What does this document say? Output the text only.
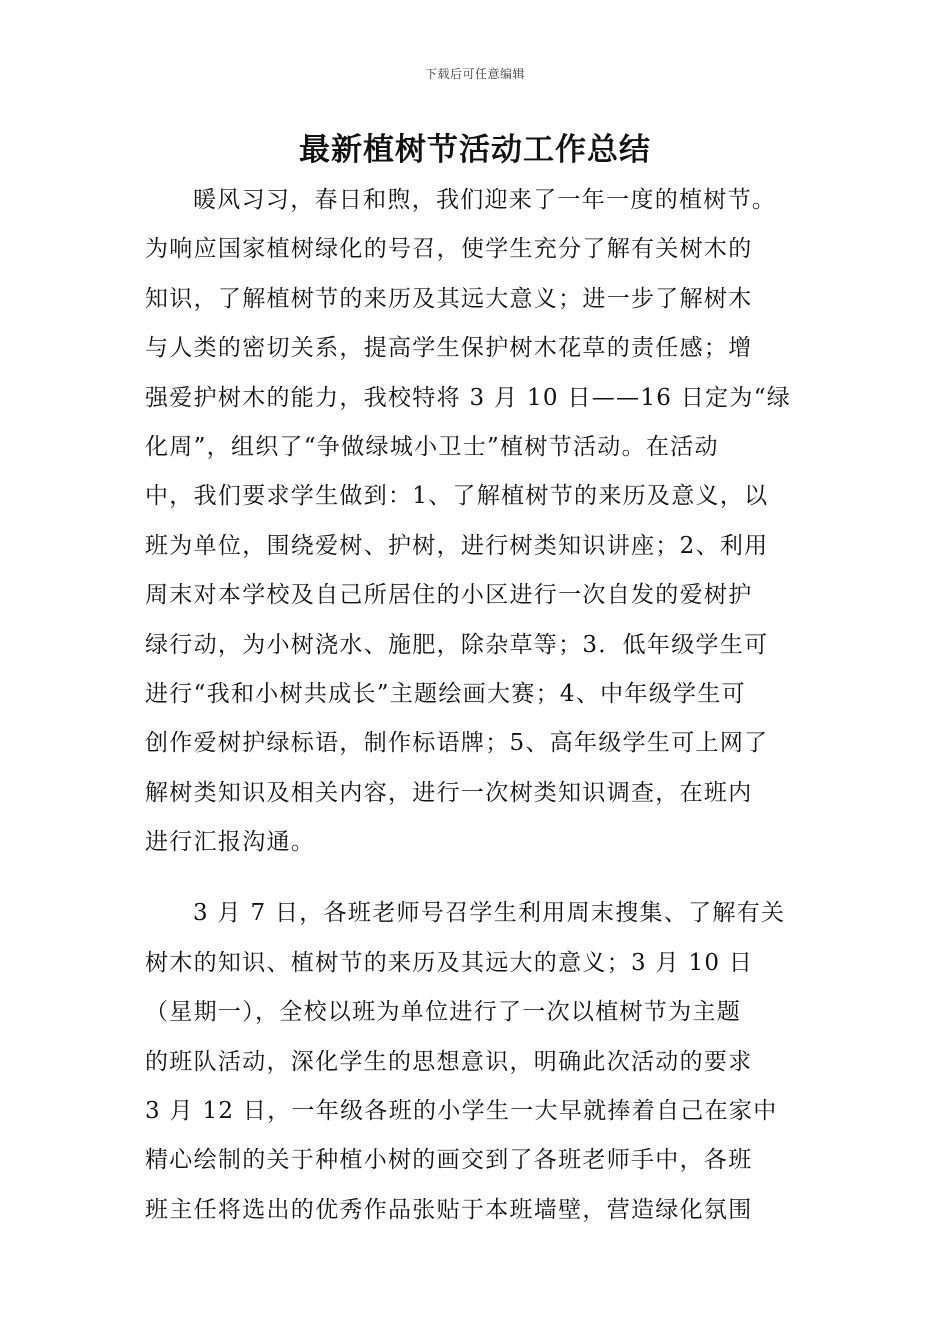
下载后可任意编辑
最新植树节活动工作总结
暖风习习，春日和煦，我们迎来了一年一度的植树节。
为响应国家植树绿化的号召，使学生充分了解有关树木的
知识，了解植树节的来历及其远大意义；进一步了解树木
与人类的密切关系，提高学生保护树木花草的责任感；增
强爱护树木的能力，我校特将 3 月 10 日——16 日定为“绿
化周”，组织了“争做绿城小卫士”植树节活动。在活动
中，我们要求学生做到：1、了解植树节的来历及意义，以
班为单位，围绕爱树、护树，进行树类知识讲座；2、利用
周末对本学校及自己所居住的小区进行一次自发的爱树护
绿行动，为小树浇水、施肥，除杂草等；3．低年级学生可
进行“我和小树共成长”主题绘画大赛；4、中年级学生可
创作爱树护绿标语，制作标语牌；5、高年级学生可上网了
解树类知识及相关内容，进行一次树类知识调查，在班内
进行汇报沟通。
3 月 7 日，各班老师号召学生利用周末搜集、了解有关
树木的知识、植树节的来历及其远大的意义；3 月 10 日
（星期一），全校以班为单位进行了一次以植树节为主题
的班队活动，深化学生的思想意识，明确此次活动的要求
3 月 12 日，一年级各班的小学生一大早就捧着自己在家中
精心绘制的关于种植小树的画交到了各班老师手中，各班
班主任将选出的优秀作品张贴于本班墙壁，营造绿化氛围
